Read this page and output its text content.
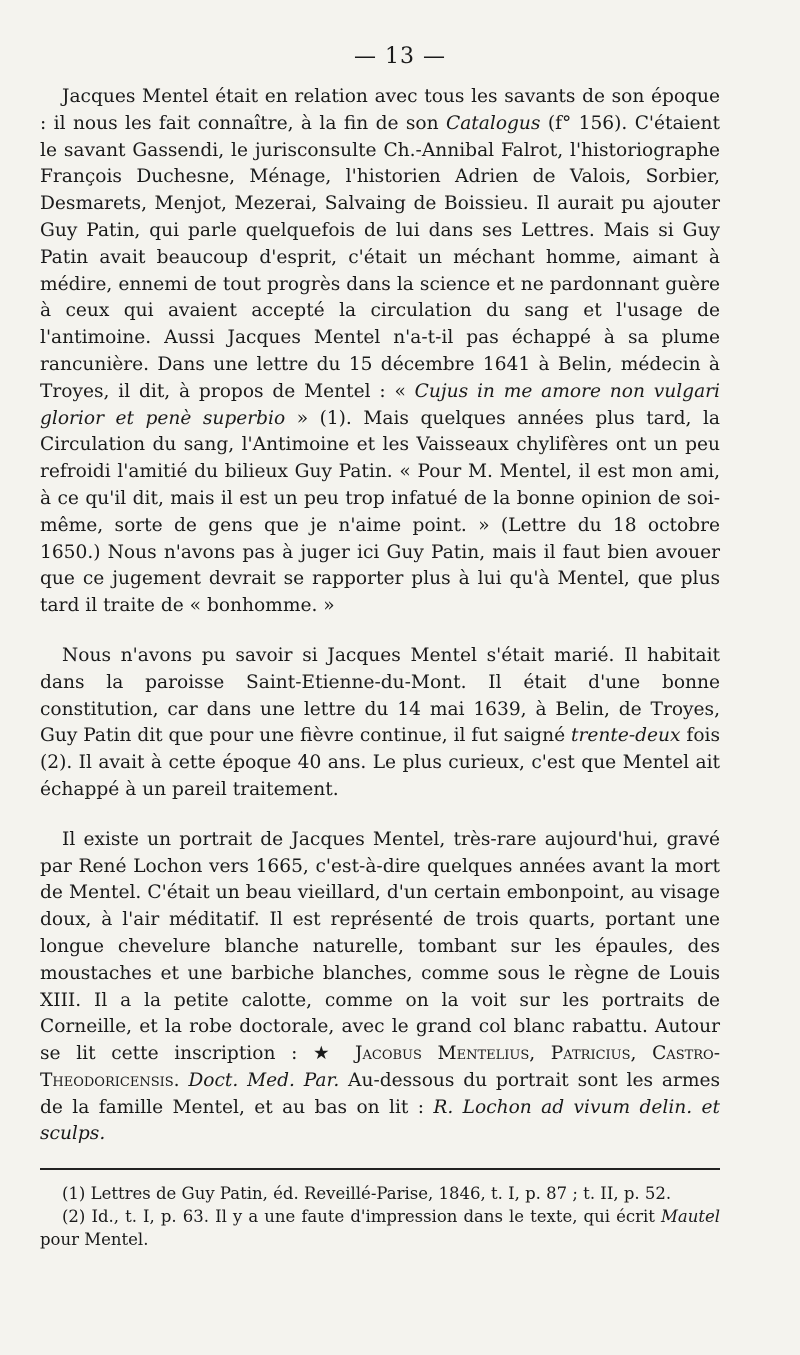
— 13 —

Jacques Mentel était en relation avec tous les savants de son époque : il nous les fait connaître, à la fin de son Catalogus (f° 156). C'étaient le savant Gassendi, le jurisconsulte Ch.-Annibal Falrot, l'historiographe François Duchesne, Ménage, l'historien Adrien de Valois, Sorbier, Desmarets, Menjot, Mezerai, Salvaing de Boissieu. Il aurait pu ajouter Guy Patin, qui parle quelquefois de lui dans ses Lettres. Mais si Guy Patin avait beaucoup d'esprit, c'était un méchant homme, aimant à médire, ennemi de tout progrès dans la science et ne pardonnant guère à ceux qui avaient accepté la circulation du sang et l'usage de l'antimoine. Aussi Jacques Mentel n'a-t-il pas échappé à sa plume rancunière. Dans une lettre du 15 décembre 1641 à Belin, médecin à Troyes, il dit, à propos de Mentel : « Cujus in me amore non vulgari glorior et penè superbio » (1). Mais quelques années plus tard, la Circulation du sang, l'Antimoine et les Vaisseaux chylifères ont un peu refroidi l'amitié du bilieux Guy Patin. « Pour M. Mentel, il est mon ami, à ce qu'il dit, mais il est un peu trop infatué de la bonne opinion de soi-même, sorte de gens que je n'aime point. » (Lettre du 18 octobre 1650.) Nous n'avons pas à juger ici Guy Patin, mais il faut bien avouer que ce jugement devrait se rapporter plus à lui qu'à Mentel, que plus tard il traite de « bonhomme. »

Nous n'avons pu savoir si Jacques Mentel s'était marié. Il habitait dans la paroisse Saint-Etienne-du-Mont. Il était d'une bonne constitution, car dans une lettre du 14 mai 1639, à Belin, de Troyes, Guy Patin dit que pour une fièvre continue, il fut saigné trente-deux fois (2). Il avait à cette époque 40 ans. Le plus curieux, c'est que Mentel ait échappé à un pareil traitement.

Il existe un portrait de Jacques Mentel, très-rare aujourd'hui, gravé par René Lochon vers 1665, c'est-à-dire quelques années avant la mort de Mentel. C'était un beau vieillard, d'un certain embonpoint, au visage doux, à l'air méditatif. Il est représenté de trois quarts, portant une longue chevelure blanche naturelle, tombant sur les épaules, des moustaches et une barbiche blanches, comme sous le règne de Louis XIII. Il a la petite calotte, comme on la voit sur les portraits de Corneille, et la robe doctorale, avec le grand col blanc rabattu. Autour se lit cette inscription : ★ Jacobus Mentelius, Patricius, Castro-Theodoricensis. Doct. Med. Par. Au-dessous du portrait sont les armes de la famille Mentel, et au bas on lit : R. Lochon ad vivum delin. et sculps.

(1) Lettres de Guy Patin, éd. Reveillé-Parise, 1846, t. I, p. 87 ; t. II, p. 52.

(2) Id., t. I, p. 63. Il y a une faute d'impression dans le texte, qui écrit Mautel pour Mentel.
